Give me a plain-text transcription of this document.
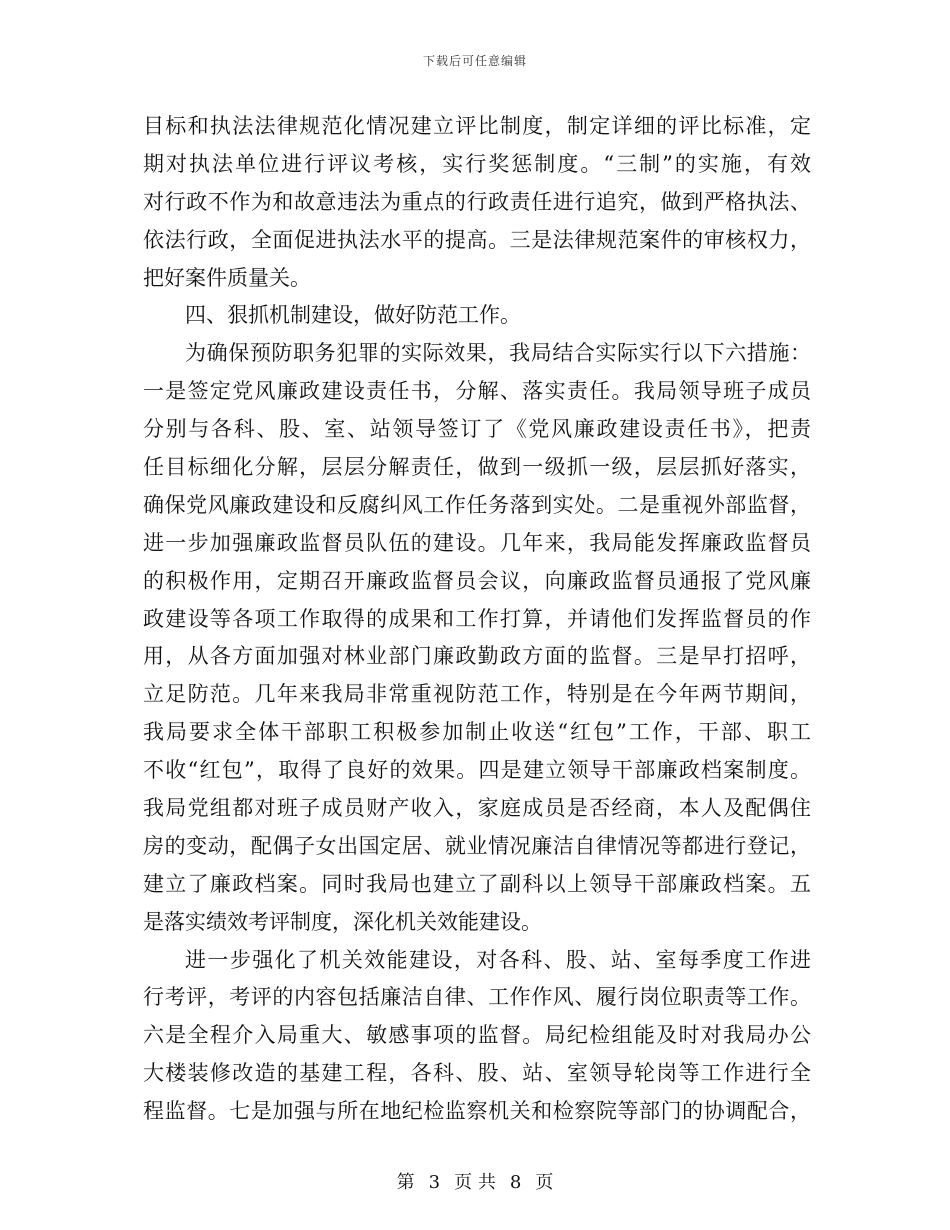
下载后可任意编辑
目标和执法法律规范化情况建立评比制度，制定详细的评比标准，定
期对执法单位进行评议考核，实行奖惩制度。“三制”的实施，有效
对行政不作为和故意违法为重点的行政责任进行追究，做到严格执法、
依法行政，全面促进执法水平的提高。三是法律规范案件的审核权力，
把好案件质量关。
四、狠抓机制建设，做好防范工作。
为确保预防职务犯罪的实际效果，我局结合实际实行以下六措施：
一是签定党风廉政建设责任书，分解、落实责任。我局领导班子成员
分别与各科、股、室、站领导签订了《党风廉政建设责任书》，把责
任目标细化分解，层层分解责任，做到一级抓一级，层层抓好落实，
确保党风廉政建设和反腐纠风工作任务落到实处。二是重视外部监督，
进一步加强廉政监督员队伍的建设。几年来，我局能发挥廉政监督员
的积极作用，定期召开廉政监督员会议，向廉政监督员通报了党风廉
政建设等各项工作取得的成果和工作打算，并请他们发挥监督员的作
用，从各方面加强对林业部门廉政勤政方面的监督。三是早打招呼，
立足防范。几年来我局非常重视防范工作，特别是在今年两节期间，
我局要求全体干部职工积极参加制止收送“红包”工作，干部、职工
不收“红包”，取得了良好的效果。四是建立领导干部廉政档案制度。
我局党组都对班子成员财产收入，家庭成员是否经商，本人及配偶住
房的变动，配偶子女出国定居、就业情况廉洁自律情况等都进行登记，
建立了廉政档案。同时我局也建立了副科以上领导干部廉政档案。五
是落实绩效考评制度，深化机关效能建设。
进一步强化了机关效能建设，对各科、股、站、室每季度工作进
行考评，考评的内容包括廉洁自律、工作作风、履行岗位职责等工作。
六是全程介入局重大、敏感事项的监督。局纪检组能及时对我局办公
大楼装修改造的基建工程，各科、股、站、室领导轮岗等工作进行全
程监督。七是加强与所在地纪检监察机关和检察院等部门的协调配合，
第 3 页 共 8 页
